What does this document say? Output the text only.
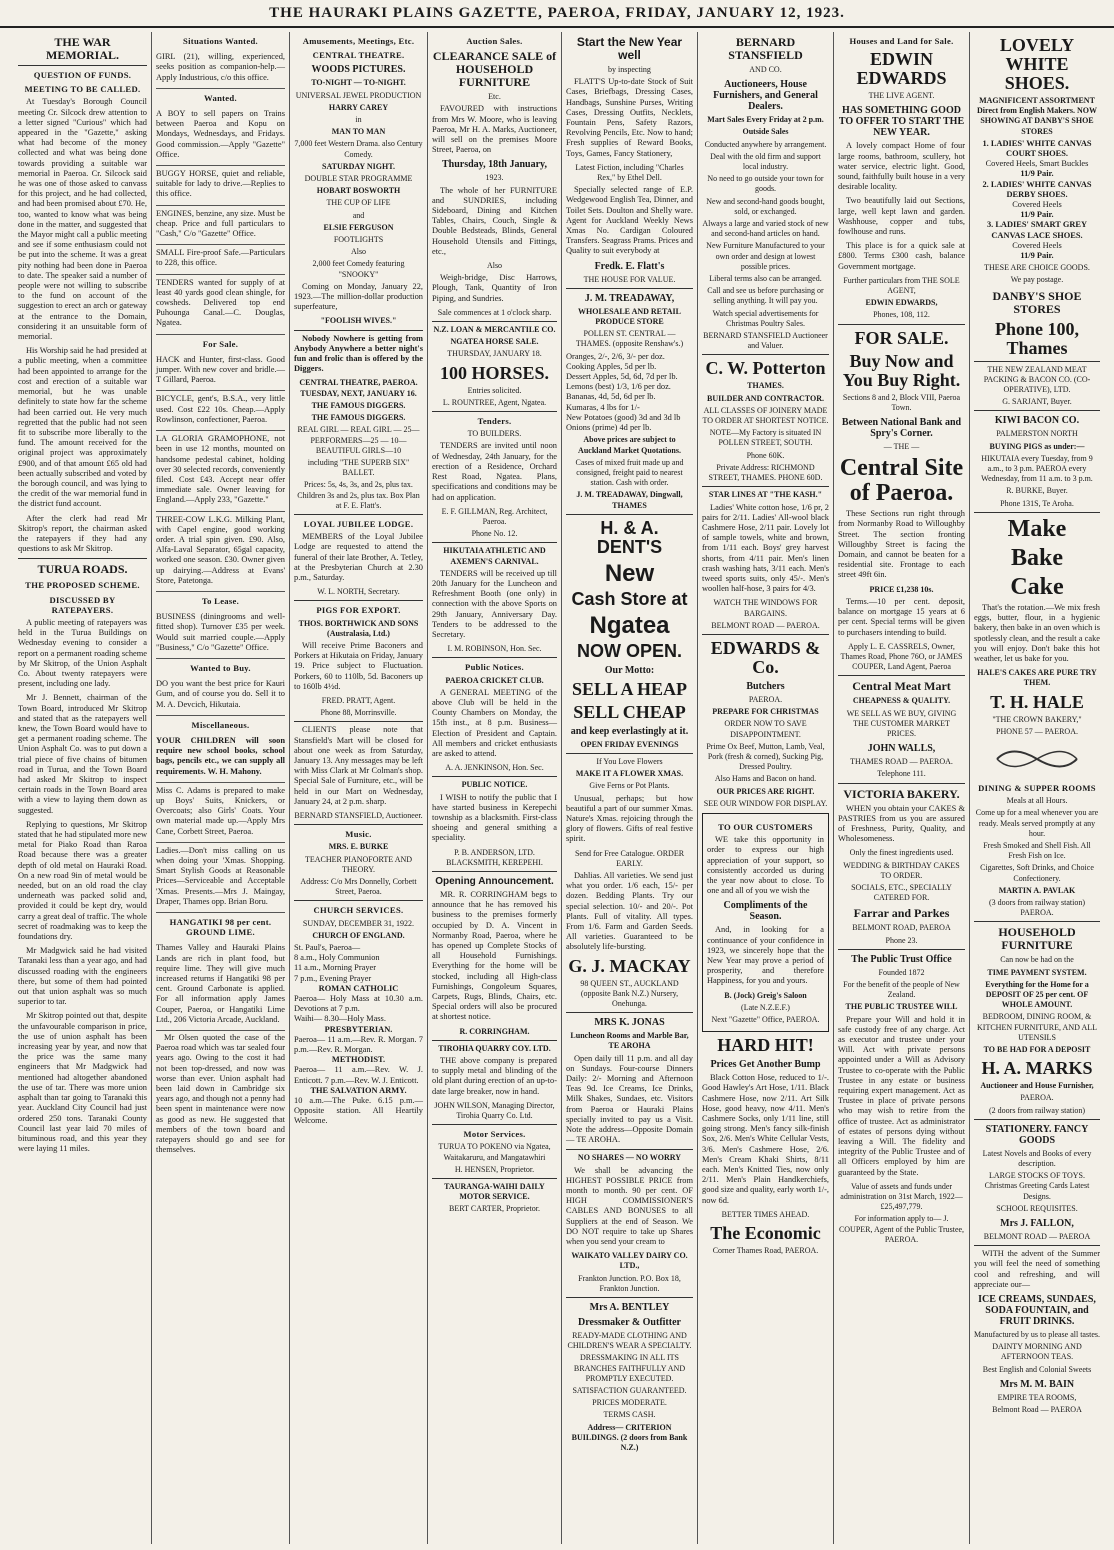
THE HAURAKI PLAINS GAZETTE, PAEROA, FRIDAY, JANUARY 12, 1923.
THE WAR MEMORIAL.
QUESTION OF FUNDS.
MEETING TO BE CALLED.

At Tuesday's Borough Council meeting Cr. Silcock drew attention to a letter signed "Curious" which had appeared in the "Gazette," asking what had become of the money collected and what was being done towards providing a suitable war memorial in Paeroa. Cr. Silcock said he was one of those asked to canvass for this project, and he had collected, and had been promised about £70. He, too, wanted to know what was being done in the matter, and suggested that the Mayor might call a public meeting and see if some enthusiasm could not be put into the scheme. It was a great pity nothing had been done in Paeroa to date. The speaker said a number of people were not willing to subscribe to the fund on account of the suggestion to erect an arch or gateway at the entrance to the Domain, considering it an unsuitable form of memorial.

His Worship said he had presided at a public meeting, when a committee had been appointed to arrange for the cost and erection of a suitable war memorial, but he was unable definitely to state how far the scheme had been carried out. He very much regretted that the public had not seen fit to subscribe more liberally to the fund. The amount received for the original project was approximately £900, and of that amount £65 old had been actually subscribed and voted by the borough council, and was lying to the credit of the war memorial fund in the district fund account.

After the clerk had read Mr Skitrop's report, the chairman asked the ratepayers if they had any questions to ask Mr Skitrop.

TURUA ROADS.
THE PROPOSED SCHEME.
DISCUSSED BY RATEPAYERS.

A public meeting of ratepayers was held in the Turua Buildings on Wednesday evening to consider a report on a permanent roading scheme by Mr Skitrop, of the Union Asphalt Co. About twenty ratepayers were present, including one lady.

Mr J. Bennett, chairman of the Town Board, introduced Mr Skitrop and stated that as the ratepayers well knew, the Town Board would have to get a permanent roading scheme. The Union Asphalt Co. was to put down a trial piece of five chains of bitumen road in Turua, and the Town Board had asked Mr Skitrop to inspect certain roads in the Town Board area with a view to laying them down as suggested.

Replying to questions, Mr Skitrop stated that he had stipulated more new metal for Piako Road than Raroa Road because there was a greater depth of old metal on Hauraki Road. On a new road 9in of metal would be needed, but on an old road the clay underneath was packed solid and, provided it could be kept dry, would carry a great deal of traffic. The whole secret of roadmaking was to keep the foundations dry.

Mr Madgwick said he had visited Taranaki less than a year ago, and had discussed roading with the engineers there, but some of them had pointed out that union asphalt was so much superior to tar.

Mr Skitrop pointed out that, despite the unfavourable comparison in price, the use of union asphalt has been increasing year by year, and now that the price was the same many engineers that Mr Madgwick had mentioned had altogether abandoned the use of tar. There was more union asphalt than tar going to Taranaki this year. Auckland City Council had just ordered 250 tons. Taranaki County Council last year laid 70 miles of bituminous road, and this year they were laying 11 miles.

Situations Wanted.
GIRL (21), willing, experienced, seeks position as companion-help.—Apply Industrious, c/o this office.
Wanted.
A BOY to sell papers on Trains between Paeroa and Kopu on Mondays, Wednesdays, and Fridays. Good commission.—Apply "Gazette" Office.
BUGGY HORSE, quiet and reliable, suitable for lady to drive.—Replies to this office.
ENGINES, benzine, any size. Must be cheap. Price and full particulars to "Cash," C/o "Gazette" Office.
SMALL Fire-proof Safe.—Particulars to 228, this office.
TENDERS wanted for supply of at least 40 yards good clean shingle, for cowsheds. Delivered top end Puhounga Canal.—C. Douglas, Ngatea.
For Sale.
HACK and Hunter, first-class. Good jumper. With new cover and bridle.—T Gillard, Paeroa.
BICYCLE, gent's, B.S.A., very little used. Cost £22 10s. Cheap.—Apply Rowlinson, confectioner, Paeroa.
LA GLORIA GRAMOPHONE, not been in use 12 months, mounted on handsome pedestal cabinet, holding over 30 selected records, conveniently filed. Cost £43. Accept near offer immediate sale. Owner leaving for England.—Apply 233, "Gazette."
THREE-COW L.K.G. Milking Plant, with Capel engine, good working order. A trial spin given. £90. Also, Alfa-Laval Separator, 65gal capacity, worked one season. £30. Owner given up dairying.—Address at Evans' Store, Patetonga.
To Lease.
BUSINESS (diningrooms and well-fitted shop). Turnover £35 per week. Would suit married couple.—Apply "Business," C/o "Gazette" Office.
Wanted to Buy.
DO you want the best price for Kauri Gum, and of course you do. Sell it to M. A. Devcich, Hikutaia.
Miscellaneous.
YOUR CHILDREN will soon require new school books, school bags, pencils etc., we can supply all requirements. W. H. Mahony.
Miss C. Adams is prepared to make up Boys' Suits, Knickers, or Overcoats; also Girls' Coats. Your own material made up.—Apply Mrs Cane, Corbett Street, Paeroa.
Ladies.—Don't miss calling on us when doing your 'Xmas. Shopping. Smart Stylish Goods at Reasonable Prices—Serviceable and Acceptable 'Xmas. Presents.—Mrs J. Maingay, Draper, Thames opp. Brian Boru.
HANGATIKI 98 per cent. GROUND LIME.
Thames Valley and Hauraki Plains Lands are rich in plant food, but require lime. They will give much increased returns if Hangatiki 98 per cent. Ground Carbonate is applied. For all information apply James Couper, Paeroa, or Hangatiki Lime Ltd., 206 Victoria Arcade, Auckland.

Mr Olsen quoted the case of the Paeroa road which was tar sealed four years ago. Owing to the cost it had not been top-dressed, and now was worse than ever. Union asphalt had been laid down in Cambridge six years ago, and though not a penny had been spent in maintenance were now as good as new. He suggested that members of the town board and ratepayers should go and see for themselves.

Amusements, Meetings, Etc.
CENTRAL THEATRE.
WOODS PICTURES.
TO-NIGHT — TO-NIGHT.
UNIVERSAL JEWEL PRODUCTION
HARRY CAREY
in
MAN TO MAN
7,000 feet Western Drama. also Century Comedy.
SATURDAY NIGHT.
DOUBLE STAR PROGRAMME
HOBART BOSWORTH
THE CUP OF LIFE
and
ELSIE FERGUSON
FOOTLIGHTS
Also
2,000 feet Comedy featuring "SNOOKY"

Coming on Monday, January 22, 1923.—The million-dollar production superfeature,

"FOOLISH WIVES."

Nobody Nowhere is getting from Anybody Anywhere a better night's fun and frolic than is offered by the Diggers.

CENTRAL THEATRE, PAEROA. TUESDAY, NEXT, JANUARY 16.
THE FAMOUS DIGGERS.
THE FAMOUS DIGGERS.
REAL GIRL — REAL GIRL — 25—PERFORMERS—25 — 10—BEAUTIFUL GIRLS—10
including "THE SUPERB SIX" BALLET.
Prices: 5s, 4s, 3s, and 2s, plus tax. Children 3s and 2s, plus tax. Box Plan at F. E. Flatt's.
LOYAL JUBILEE LODGE.

MEMBERS of the Loyal Jubilee Lodge are requested to attend the funeral of their late Brother, A. Tetley, at the Presbyterian Church at 2.30 p.m., Saturday.

W. L. NORTH, Secretary.
PIGS FOR EXPORT.
THOS. BORTHWICK AND SONS (Australasia, Ltd.)

Will receive Prime Baconers and Porkers at Hikutaia on Friday, January 19. Price subject to Fluctuation. Porkers, 60 to 110lb, 5d. Baconers up to 160lb 4½d.

FRED. PRATT, Agent.
Phone 88, Morrinsville.

CLIENTS please note that Stansfield's Mart will be closed for about one week as from Saturday, January 13. Any messages may be left with Miss Clark at Mr Colman's shop. Special Sale of Furniture, etc., will be held in our Mart on Wednesday, January 24, at 2 p.m. sharp.

BERNARD STANSFIELD, Auctioneer.
Music.
MRS. E. BURKE
TEACHER PIANOFORTE AND THEORY.
Address: C/o Mrs Donnelly, Corbett Street, Paeroa.
CHURCH SERVICES.
SUNDAY, DECEMBER 31, 1922.
CHURCH OF ENGLAND.
St. Paul's, Paeroa—
8 a.m., Holy Communion
11 a.m., Morning Prayer
7 p.m., Evening Prayer
ROMAN CATHOLIC
Paeroa— Holy Mass at 10.30 a.m. Devotions at 7 p.m.
Waihi— 8.30—Holy Mass.
PRESBYTERIAN.
Paeroa— 11 a.m.—Rev. R. Morgan. 7 p.m.—Rev. R. Morgan.
METHODIST.
Paeroa— 11 a.m.—Rev. W. J. Enticott. 7 p.m.—Rev. W. J. Enticott.
THE SALVATION ARMY.
10 a.m.—The Puke. 6.15 p.m.—Opposite station. All Heartily Welcome.
Auction Sales.
CLEARANCE SALE of HOUSEHOLD FURNITURE
Etc.

FAVOURED with instructions from Mrs W. Moore, who is leaving Paeroa, Mr H. A. Marks, Auctioneer, will sell on the premises Moore Street, Paeroa, on

Thursday, 18th January,
1923.

The whole of her FURNITURE and SUNDRIES, including Sideboard, Dining and Kitchen Tables, Chairs, Couch, Single & Double Bedsteads, Blinds, General Household Utensils and Fittings, etc.,

Also

Weigh-bridge, Disc Harrows, Plough, Tank, Quantity of Iron Piping, and Sundries.

Sale commences at 1 o'clock sharp.
N.Z. LOAN & MERCANTILE CO.
NGATEA HORSE SALE.
THURSDAY, JANUARY 18.
100 HORSES.
Entries solicited.
L. ROUNTREE, Agent, Ngatea.
Tenders.
TO BUILDERS.

TENDERS are invited until noon of Wednesday, 24th January, for the erection of a Residence, Orchard Rest Road, Ngatea. Plans, specifications and conditions may be had on application.

E. F. GILLMAN, Reg. Architect, Paeroa.
Phone No. 12.
HIKUTAIA ATHLETIC AND AXEMEN'S CARNIVAL.

TENDERS will be received up till 20th January for the Luncheon and Refreshment Booth (one only) in connection with the above Sports on 29th January, Anniversary Day. Tenders to be addressed to the Secretary.

I. M. ROBINSON, Hon. Sec.
Public Notices.
PAEROA CRICKET CLUB.

A GENERAL MEETING of the above Club will be held in the County Chambers on Monday, the 15th inst., at 8 p.m. Business—Election of President and Captain. All members and cricket enthusiasts are asked to attend.

A. A. JENKINSON, Hon. Sec.
PUBLIC NOTICE.

I WISH to notify the public that I have started business in Kerepechi township as a blacksmith. First-class shoeing and general smithing a speciality.

P. B. ANDERSON, LTD. BLACKSMITH, KEREPEHI.
Opening Announcement.

MR. R. CORRINGHAM begs to announce that he has removed his business to the premises formerly occupied by D. A. Vincent in Normanby Road, Paeroa, where he has opened up Complete Stocks of all Household Furnishings. Everything for the home will be stocked, including all High-class Furnishings, Congoleum Squares, Carpets, Rugs, Blinds, Chairs, etc. Special orders will also be procured at shortest notice.

R. CORRINGHAM.
TIROHIA QUARRY COY. LTD.

THE above company is prepared to supply metal and blinding of the old plant during erection of an up-to-date large breaker, now in hand.

JOHN WILSON, Managing Director, Tirohia Quarry Co. Ltd.
Motor Services.
TURUA TO POKENO via Ngatea, Waitakaruru, and Mangatawhiri
H. HENSEN, Proprietor.
TAURANGA-WAIHI DAILY MOTOR SERVICE.
BERT CARTER, Proprietor.
Start the New Year well
by inspecting

FLATT'S Up-to-date Stock of Suit Cases, Briefbags, Dressing Cases, Handbags, Sunshine Purses, Writing Cases, Dressing Outfits, Necklets, Fountain Pens, Safety Razors, Revolving Pencils, Etc. Now to hand; Fresh supplies of Reward Books, Toys, Games, Fancy Stationery,

Latest Fiction, including "Charles Rex," by Ethel Dell.

Specially selected range of E.P. Wedgewood English Tea, Dinner, and Toilet Sets. Doulton and Shelly ware. Agent for Auckland Weekly News Xmas No. Cardigan Coloured Transfers. Seagrass Prams. Prices and Quality to suit everybody at

Fredk. E. Flatt's
THE HOUSE FOR VALUE.
J. M. TREADAWAY,
WHOLESALE AND RETAIL PRODUCE STORE
POLLEN ST. CENTRAL — THAMES. (opposite Renshaw's.)
Oranges, 2/-, 2/6, 3/- per doz.
Cooking Apples, 5d per lb.
Dessert Apples, 5d, 6d, 7d per lb.
Lemons (best) 1/3, 1/6 per doz.
Bananas, 4d, 5d, 6d per lb.
Kumaras, 4 lbs for 1/-
New Potatoes (good) 3d and 3d lb
Onions (prime) 4d per lb.
Above prices are subject to Auckland Market Quotations.
Cases of mixed fruit made up and consigned, freight paid to nearest station. Cash with order.
J. M. TREADAWAY, Dingwall, THAMES
H. & A. DENT'S
New
Cash Store at
Ngatea
NOW OPEN.
Our Motto:
SELL A HEAP
SELL CHEAP
and keep everlastingly at it.
OPEN FRIDAY EVENINGS
If You Love Flowers
MAKE IT A FLOWER XMAS.
Give Ferns or Pot Plants.

Unusual, perhaps; but how beautiful a part of our summer Xmas. Nature's Xmas. rejoicing through the glory of flowers. Gifts of real festive spirit.

Send for Free Catalogue. ORDER EARLY.

Dahlias. All varieties. We send just what you order. 1/6 each, 15/- per dozen. Bedding Plants. Try our special selection. 10/- and 20/-. Pot Plants. Full of vitality. All types. From 1/6. Farm and Garden Seeds. All varieties. Guaranteed to be absolutely life-bursting.

G. J. MACKAY
98 QUEEN ST., AUCKLAND (opposite Bank N.Z.) Nursery, Onehunga.
MRS K. JONAS
Luncheon Rooms and Marble Bar, TE AROHA

Open daily till 11 p.m. and all day on Sundays. Four-course Dinners Daily: 2/- Morning and Afternoon Teas 9d. Ice Creams, Ice Drinks, Milk Shakes, Sundaes, etc. Visitors from Paeroa or Hauraki Plains specially invited to pay us a Visit. Note the address—Opposite Domain — TE AROHA.

NO SHARES — NO WORRY

We shall be advancing the HIGHEST POSSIBLE PRICE from month to month. 90 per cent. OF HIGH COMMISSIONER'S CABLES AND BONUSES to all Suppliers at the end of Season. We DO NOT require to take up Shares when you send your cream to

WAIKATO VALLEY DAIRY CO. LTD.,
Frankton Junction. P.O. Box 18, Frankton Junction.
Mrs A. BENTLEY
Dressmaker & Outfitter
READY-MADE CLOTHING AND CHILDREN'S WEAR A SPECIALTY.
DRESSMAKING IN ALL ITS BRANCHES FAITHFULLY AND PROMPTLY EXECUTED.
SATISFACTION GUARANTEED.
PRICES MODERATE.
TERMS CASH.
Address— CRITERION BUILDINGS. (2 doors from Bank N.Z.)
BERNARD STANSFIELD
AND CO.
Auctioneers, House Furnishers, and General Dealers.
Mart Sales Every Friday at 2 p.m.
Outside Sales
Conducted anywhere by arrangement.
Deal with the old firm and support local industry.
No need to go outside your town for goods.
New and second-hand goods bought, sold, or exchanged.
Always a large and varied stock of new and second-hand articles on hand.
New Furniture Manufactured to your own order and design at lowest possible prices.
Liberal terms also can be arranged.
Call and see us before purchasing or selling anything. It will pay you.
Watch special advertisements for Christmas Poultry Sales.
BERNARD STANSFIELD Auctioneer and Valuer.
C. W. Potterton
THAMES.
BUILDER AND CONTRACTOR.
ALL CLASSES OF JOINERY MADE TO ORDER AT SHORTEST NOTICE.
NOTE—My Factory is situated IN POLLEN STREET, SOUTH.
Phone 60K.
Private Address: RICHMOND STREET, THAMES. PHONE 60D.
STAR LINES AT "THE KASH."

Ladies' White cotton hose, 1/6 pr, 2 pairs for 2/11. Ladies' All-wool black Cashmere Hose, 2/11 pair. Lovely lot of sample towels, white and brown, from 1/11 each. Boys' grey harvest shorts, from 4/11 pair. Men's linen crash washing hats, 3/11 each. Men's tweed sports suits, only 45/-. Men's woollen half-hose, 3 pairs for 4/3.

WATCH THE WINDOWS FOR BARGAINS.
BELMONT ROAD — PAEROA.
EDWARDS & Co.
Butchers
PAEROA.
PREPARE FOR CHRISTMAS
ORDER NOW TO SAVE DISAPPOINTMENT.
Prime Ox Beef, Mutton, Lamb, Veal, Pork (fresh & corned), Sucking Pig, Dressed Poultry.
Also Hams and Bacon on hand.
OUR PRICES ARE RIGHT.
SEE OUR WINDOW FOR DISPLAY.
TO OUR CUSTOMERS

WE take this opportunity in order to express our high appreciation of your support, so consistently accorded us during the year now about to close. To one and all of you we wish the

Compliments of the Season.

And, in looking for a continuance of your confidence in 1923, we sincerely hope that the New Year may prove a period of prosperity, and therefore Happiness, for you and yours.

B. (Jock) Greig's Saloon
(Late N.Z.E.F.)
Next "Gazette" Office, PAEROA.
HARD HIT!
Prices Get Another Bump

Black Cotton Hose, reduced to 1/-. Good Hawley's Art Hose, 1/11. Black Cashmere Hose, now 2/11. Art Silk Hose, good heavy, now 4/11. Men's Cashmere Socks, only 1/11 line, still going strong. Men's fancy silk-finish Sox, 2/6. Men's White Cellular Vests, 3/6. Men's Cashmere Hose, 2/6. Men's Cream Khaki Shirts, 8/11 each. Men's Knitted Ties, now only 2/11. Men's Plain Handkerchiefs, good size and quality, early worth 1/-, now 6d.

BETTER TIMES AHEAD.
The Economic
Corner Thames Road, PAEROA.
Houses and Land for Sale.
EDWIN EDWARDS
THE LIVE AGENT.
HAS SOMETHING GOOD TO OFFER TO START THE NEW YEAR.

A lovely compact Home of four large rooms, bathroom, scullery, hot water service, electric light. Good, sound, faithfully built house in a very desirable locality.

Two beautifully laid out Sections, large, well kept lawn and garden. Washhouse, copper and tubs, fowlhouse and runs.

This place is for a quick sale at £800. Terms £300 cash, balance Government mortgage.

Further particulars from THE SOLE AGENT,
EDWIN EDWARDS,
Phones, 108, 112.
FOR SALE.
Buy Now and You Buy Right.
Sections 8 and 2, Block VIII, Paeroa Town.
Between National Bank and Spry's Corner.
— THE —
Central Site of Paeroa.

These Sections run right through from Normanby Road to Willoughby Street. The section fronting Willoughby Street is facing the Domain, and cannot be beaten for a residential site. Frontage to each street 49ft 6in.

PRICE £1,238 10s.

Terms.—10 per cent. deposit, balance on mortgage 15 years at 6 per cent. Special terms will be given to purchasers intending to build.

Apply L. E. CASSRELS, Owner, Thames Road, Phone 76O, or JAMES COUPER, Land Agent, Paeroa
Central Meat Mart
CHEAPNESS & QUALITY.
WE SELL AS WE BUY, GIVING THE CUSTOMER MARKET PRICES.
JOHN WALLS,
THAMES ROAD — PAEROA.
Telephone 111.
VICTORIA BAKERY.

WHEN you obtain your CAKES & PASTRIES from us you are assured of Freshness, Purity, Quality, and Wholesomeness.

Only the finest ingredients used.
WEDDING & BIRTHDAY CAKES TO ORDER.
SOCIALS, ETC., SPECIALLY CATERED FOR.
Farrar and Parkes
BELMONT ROAD, PAEROA
Phone 23.
The Public Trust Office
Founded 1872
For the benefit of the people of New Zealand.
THE PUBLIC TRUSTEE WILL

Prepare your Will and hold it in safe custody free of any charge. Act as executor and trustee under your Will. Act with private persons appointed under a Will as Advisory Trustee to co-operate with the Public Trustee in any estate or business requiring expert management. Act as Trustee in place of private persons who may wish to retire from the office of trustee. Act as administrator of estates of persons dying without leaving a Will. The fidelity and integrity of the Public Trustee and of all Officers employed by him are guaranteed by the State.

Value of assets and funds under administration on 31st March, 1922—£25,497,779.
For information apply to— J. COUPER, Agent of the Public Trustee, PAEROA.
LOVELY WHITE SHOES.
MAGNIFICENT ASSORTMENT Direct from English Makers. NOW SHOWING AT DANBY'S SHOE STORES
1. LADIES' WHITE CANVAS COURT SHOES.
Covered Heels, Smart Buckles
11/9 Pair.
2. LADIES' WHITE CANVAS DERBY SHOES.
Covered Heels
11/9 Pair.
3. LADIES' SMART GREY CANVAS LACE SHOES.
Covered Heels
11/9 Pair.
THESE ARE CHOICE GOODS.
We pay postage.
DANBY'S SHOE STORES
Phone 100, Thames
THE NEW ZEALAND MEAT PACKING & BACON CO. (CO-OPERATIVE), LTD.
G. SARJANT, Buyer.
KIWI BACON CO.
PALMERSTON NORTH
BUYING PIGS as under:—
HIKUTAIA every Tuesday, from 9 a.m., to 3 p.m. PAEROA every Wednesday, from 11 a.m. to 3 p.m.
R. BURKE, Buyer.
Phone 131S, Te Aroha.
Make
Bake
Cake

That's the rotation.—We mix fresh eggs, butter, flour, in a hygienic bakery, then bake in an oven which is spotlessly clean, and the result a cake you will enjoy. Don't bake this hot weather, let us bake for you.

HALE'S CAKES ARE PURE TRY THEM.
T. H. HALE
"THE CROWN BAKERY,"
PHONE 57 — PAEROA.
DINING & SUPPER ROOMS
Meals at all Hours.
Come up for a meal whenever you are ready. Meals served promptly at any hour.
Fresh Smoked and Shell Fish. All Fresh Fish on Ice.
Cigarettes, Soft Drinks, and Choice Confectionery.
MARTIN A. PAVLAK
(3 doors from railway station) PAEROA.
HOUSEHOLD FURNITURE
Can now be had on the
TIME PAYMENT SYSTEM.
Everything for the Home for a DEPOSIT OF 25 per cent. OF WHOLE AMOUNT.
BEDROOM, DINING ROOM, & KITCHEN FURNITURE, AND ALL UTENSILS
TO BE HAD FOR A DEPOSIT
H. A. MARKS
Auctioneer and House Furnisher,
PAEROA.
(2 doors from railway station)
STATIONERY. FANCY GOODS
Latest Novels and Books of every description.
LARGE STOCKS OF TOYS. Christmas Greeting Cards Latest Designs.
SCHOOL REQUISITES.
Mrs J. FALLON,
BELMONT ROAD — PAEROA

WITH the advent of the Summer you will feel the need of something cool and refreshing, and will appreciate our—

ICE CREAMS, SUNDAES, SODA FOUNTAIN, and FRUIT DRINKS.
Manufactured by us to please all tastes.
DAINTY MORNING AND AFTERNOON TEAS.
Best English and Colonial Sweets
Mrs M. M. BAIN
EMPIRE TEA ROOMS,
Belmont Road — PAEROA
